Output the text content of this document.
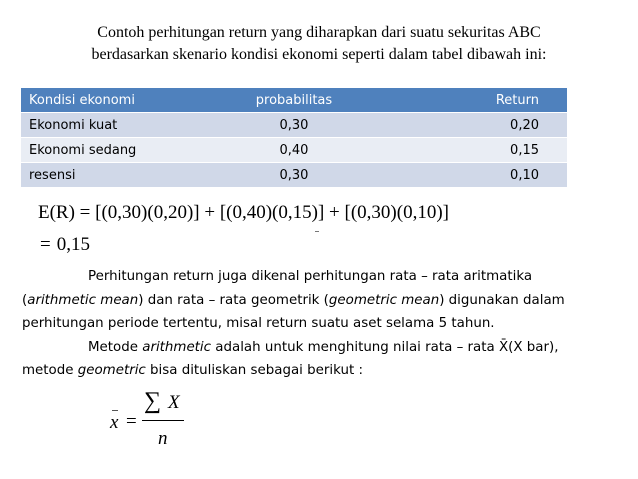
Contoh perhitungan return yang diharapkan dari suatu sekuritas ABC
berdasarkan skenario kondisi ekonomi seperti dalam tabel dibawah ini:
Kondisi ekonomi	probabilitas	Return
Ekonomi kuat	0,30	0,20
Ekonomi sedang	0,40	0,15
resensi	0,30	0,10
E(R) = [(0,30)(0,20)] + [(0,40)(0,15)] + [(0,30)(0,10)]
= 0,15
Perhitungan return juga dikenal perhitungan rata – rata aritmatika
(arithmetic mean) dan rata – rata geometrik (geometric mean) digunakan dalam
perhitungan periode tertentu, misal return suatu aset selama 5 tahun.
Metode arithmetic adalah untuk menghitung nilai rata – rata X̄(X bar),
metode geometric bisa dituliskan sebagai berikut :
x =
∑ X
n
